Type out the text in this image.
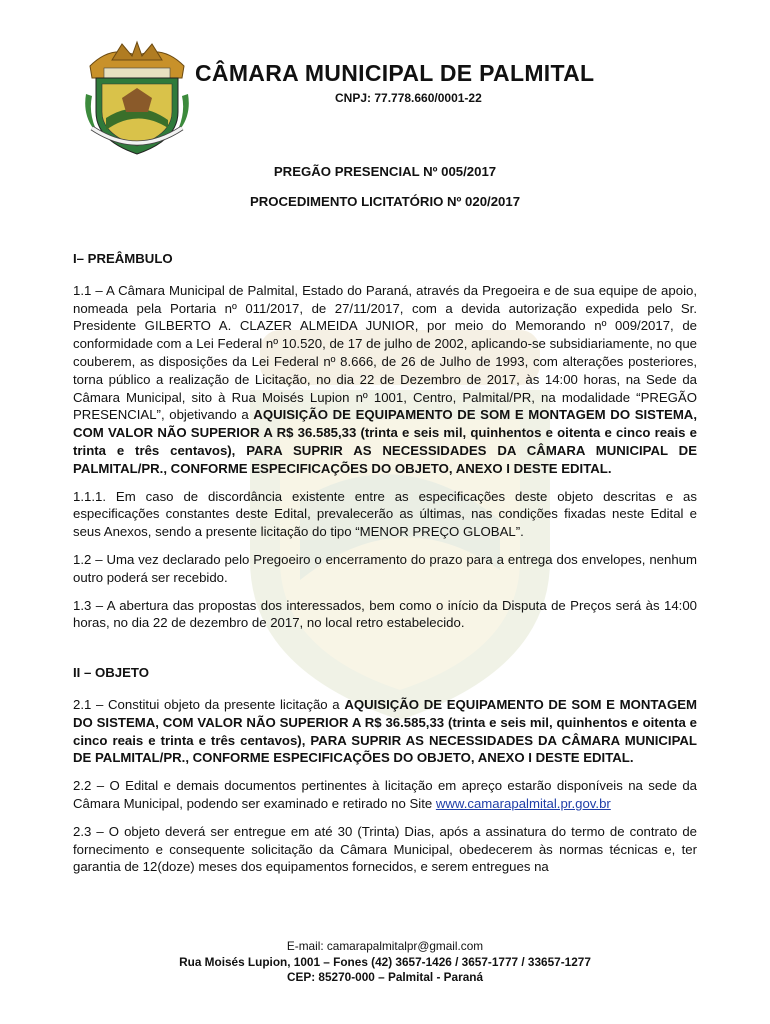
CÂMARA MUNICIPAL DE PALMITAL
CNPJ: 77.778.660/0001-22
PREGÃO PRESENCIAL Nº 005/2017
PROCEDIMENTO LICITATÓRIO Nº 020/2017
I– PREÂMBULO

1.1 – A Câmara Municipal de Palmital, Estado do Paraná, através da Pregoeira e de sua equipe de apoio, nomeada pela Portaria nº 011/2017, de 27/11/2017, com a devida autorização expedida pelo Sr. Presidente GILBERTO A. CLAZER ALMEIDA JUNIOR, por meio do Memorando nº 009/2017, de conformidade com a Lei Federal nº 10.520, de 17 de julho de 2002, aplicando-se subsidiariamente, no que couberem, as disposições da Lei Federal nº 8.666, de 26 de Julho de 1993, com alterações posteriores, torna público a realização de Licitação, no dia 22 de Dezembro de 2017, às 14:00 horas, na Sede da Câmara Municipal, sito à Rua Moisés Lupion nº 1001, Centro, Palmital/PR, na modalidade “PREGÃO PRESENCIAL”, objetivando a AQUISIÇÃO DE EQUIPAMENTO DE SOM E MONTAGEM DO SISTEMA, COM VALOR NÃO SUPERIOR A R$ 36.585,33 (trinta e seis mil, quinhentos e oitenta e cinco reais e trinta e três centavos), PARA SUPRIR AS NECESSIDADES DA CÂMARA MUNICIPAL DE PALMITAL/PR., CONFORME ESPECIFICAÇÕES DO OBJETO, ANEXO I DESTE EDITAL.

1.1.1. Em caso de discordância existente entre as especificações deste objeto descritas e as especificações constantes deste Edital, prevalecerão as últimas, nas condições fixadas neste Edital e seus Anexos, sendo a presente licitação do tipo “MENOR PREÇO GLOBAL”.

1.2 – Uma vez declarado pelo Pregoeiro o encerramento do prazo para a entrega dos envelopes, nenhum outro poderá ser recebido.

1.3 – A abertura das propostas dos interessados, bem como o início da Disputa de Preços será às 14:00 horas, no dia 22 de dezembro de 2017, no local retro estabelecido.

II – OBJETO

2.1 – Constitui objeto da presente licitação a AQUISIÇÃO DE EQUIPAMENTO DE SOM E MONTAGEM DO SISTEMA, COM VALOR NÃO SUPERIOR A R$ 36.585,33 (trinta e seis mil, quinhentos e oitenta e cinco reais e trinta e três centavos), PARA SUPRIR AS NECESSIDADES DA CÂMARA MUNICIPAL DE PALMITAL/PR., CONFORME ESPECIFICAÇÕES DO OBJETO, ANEXO I DESTE EDITAL.

2.2 – O Edital e demais documentos pertinentes à licitação em apreço estarão disponíveis na sede da Câmara Municipal, podendo ser examinado e retirado no Site www.camarapalmital.pr.gov.br

2.3 – O objeto deverá ser entregue em até 30 (Trinta) Dias, após a assinatura do termo de contrato de fornecimento e consequente solicitação da Câmara Municipal, obedecerem às normas técnicas e, ter garantia de 12(doze) meses dos equipamentos fornecidos, e serem entregues na

E-mail: camarapalmitalpr@gmail.com
Rua Moisés Lupion, 1001 – Fones (42) 3657-1426 / 3657-1777 / 33657-1277
CEP: 85270-000 – Palmital - Paraná
